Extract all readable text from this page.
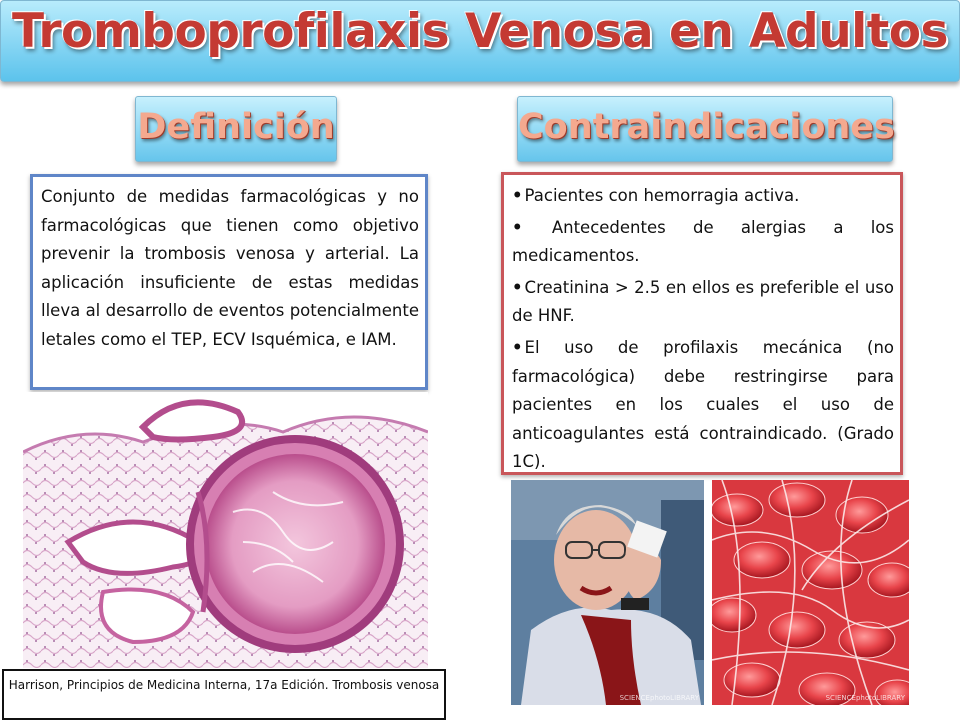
Tromboprofilaxis Venosa en Adultos
Definición	Contraindicaciones
Conjunto de medidas farmacológicas y no farmacológicas que tienen como objetivo prevenir la trombosis venosa y arterial. La aplicación insuficiente de estas medidas lleva al desarrollo de eventos potencialmente letales como el TEP, ECV Isquémica, e IAM.
• Pacientes con hemorragia activa.
• Antecedentes de alergias a los medicamentos.
• Creatinina > 2.5 en ellos es preferible el uso de HNF.
• El uso de profilaxis mecánica (no farmacológica) debe restringirse para pacientes en los cuales el uso de anticoagulantes está contraindicado. (Grado 1C).
SCIENCEphotoLIBRARY	SCIENCEphotoLIBRARY
Harrison, Principios de Medicina Interna, 17a Edición. Trombosis venosa
